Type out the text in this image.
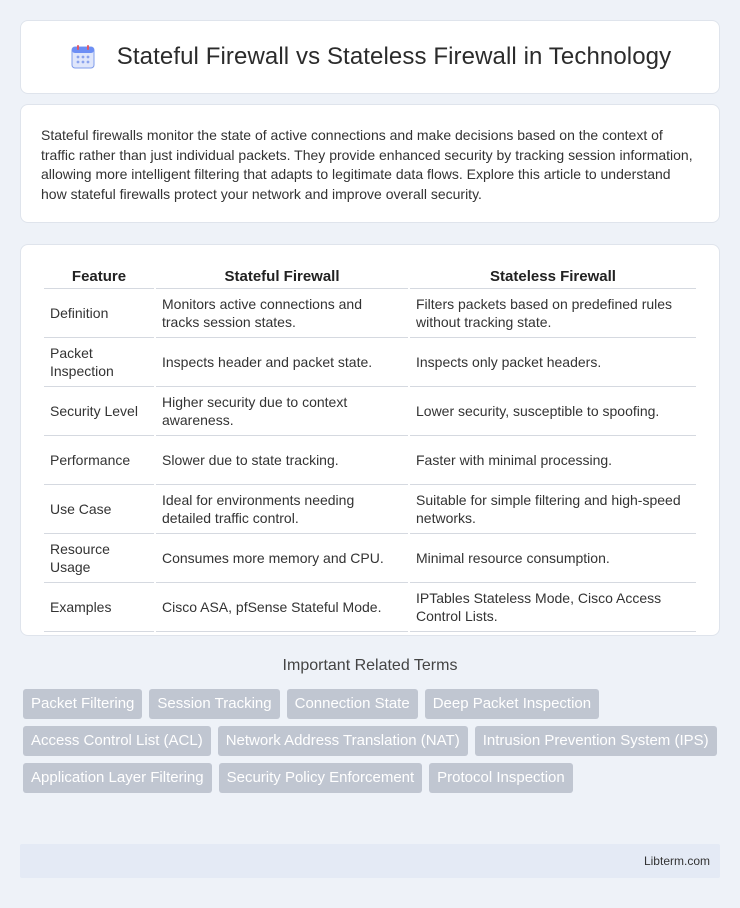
Stateful Firewall vs Stateless Firewall in Technology

Stateful firewalls monitor the state of active connections and make decisions based on the context of traffic rather than just individual packets. They provide enhanced security by tracking session information, allowing more intelligent filtering that adapts to legitimate data flows. Explore this article to understand how stateful firewalls protect your network and improve overall security.

Feature	Stateful Firewall	Stateless Firewall
Definition	Monitors active connections and tracks session states.	Filters packets based on predefined rules without tracking state.
Packet Inspection	Inspects header and packet state.	Inspects only packet headers.
Security Level	Higher security due to context awareness.	Lower security, susceptible to spoofing.
Performance	Slower due to state tracking.	Faster with minimal processing.
Use Case	Ideal for environments needing detailed traffic control.	Suitable for simple filtering and high-speed networks.
Resource Usage	Consumes more memory and CPU.	Minimal resource consumption.
Examples	Cisco ASA, pfSense Stateful Mode.	IPTables Stateless Mode, Cisco Access Control Lists.
Important Related Terms
Packet Filtering	Session Tracking	Connection State	Deep Packet Inspection
Access Control List (ACL)	Network Address Translation (NAT)	Intrusion Prevention System (IPS)
Application Layer Filtering	Security Policy Enforcement	Protocol Inspection
Libterm.com
